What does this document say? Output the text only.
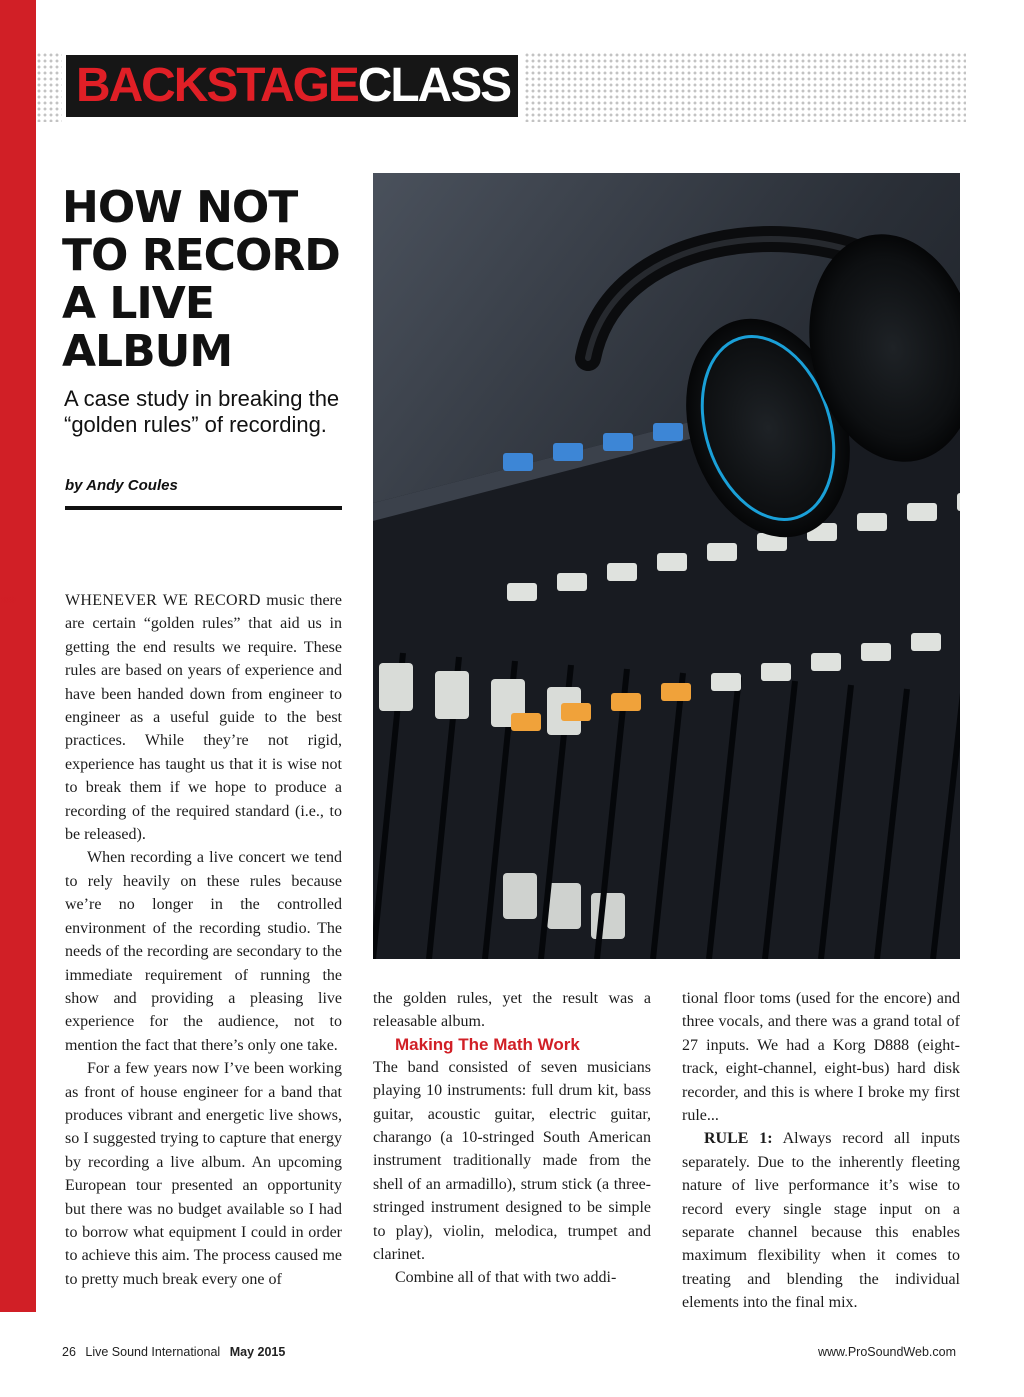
BACKSTAGECLASS
HOW NOT
TO RECORD
A LIVE
ALBUM

A case study in breaking the “golden rules” of recording.

by Andy Coules
›››››	WHENEVER WE RECORD music there are certain “golden rules” that aid us in getting the end results we require. These rules are based on years of experience and have been handed down from engineer to engineer as a useful guide to the best practices. While they’re not rigid, experience has taught us that it is wise not to break them if we hope to produce a recording of the required standard (i.e., to be released).

When recording a live concert we tend to rely heavily on these rules because we’re no longer in the controlled environment of the recording studio. The needs of the recording are secondary to the immediate requirement of running the show and providing a pleasing live experience for the audience, not to mention the fact that there’s only one take.

For a few years now I’ve been working as front of house engineer for a band that produces vibrant and energetic live shows, so I suggested trying to capture that energy by recording a live album. An upcoming European tour presented an opportunity but there was no budget available so I had to borrow what equipment I could in order to achieve this aim. The process caused me to pretty much break every one of

the golden rules, yet the result was a releasable album.

Making The Math Work

The band consisted of seven musicians playing 10 instruments: full drum kit, bass guitar, acoustic guitar, electric guitar, charango (a 10-stringed South American instrument traditionally made from the shell of an armadillo), strum stick (a three-stringed instrument designed to be simple to play), violin, melodica, trumpet and clarinet.

Combine all of that with two addi-

tional floor toms (used for the encore) and three vocals, and there was a grand total of 27 inputs. We had a Korg D888 (eight-track, eight-channel, eight-bus) hard disk recorder, and this is where I broke my first rule...

RULE 1: Always record all inputs separately. Due to the inherently fleeting nature of live performance it’s wise to record every single stage input on a separate channel because this enables maximum flexibility when it comes to treating and blending the individual elements into the final mix.

26 Live Sound International May 2015	www.ProSoundWeb.com
